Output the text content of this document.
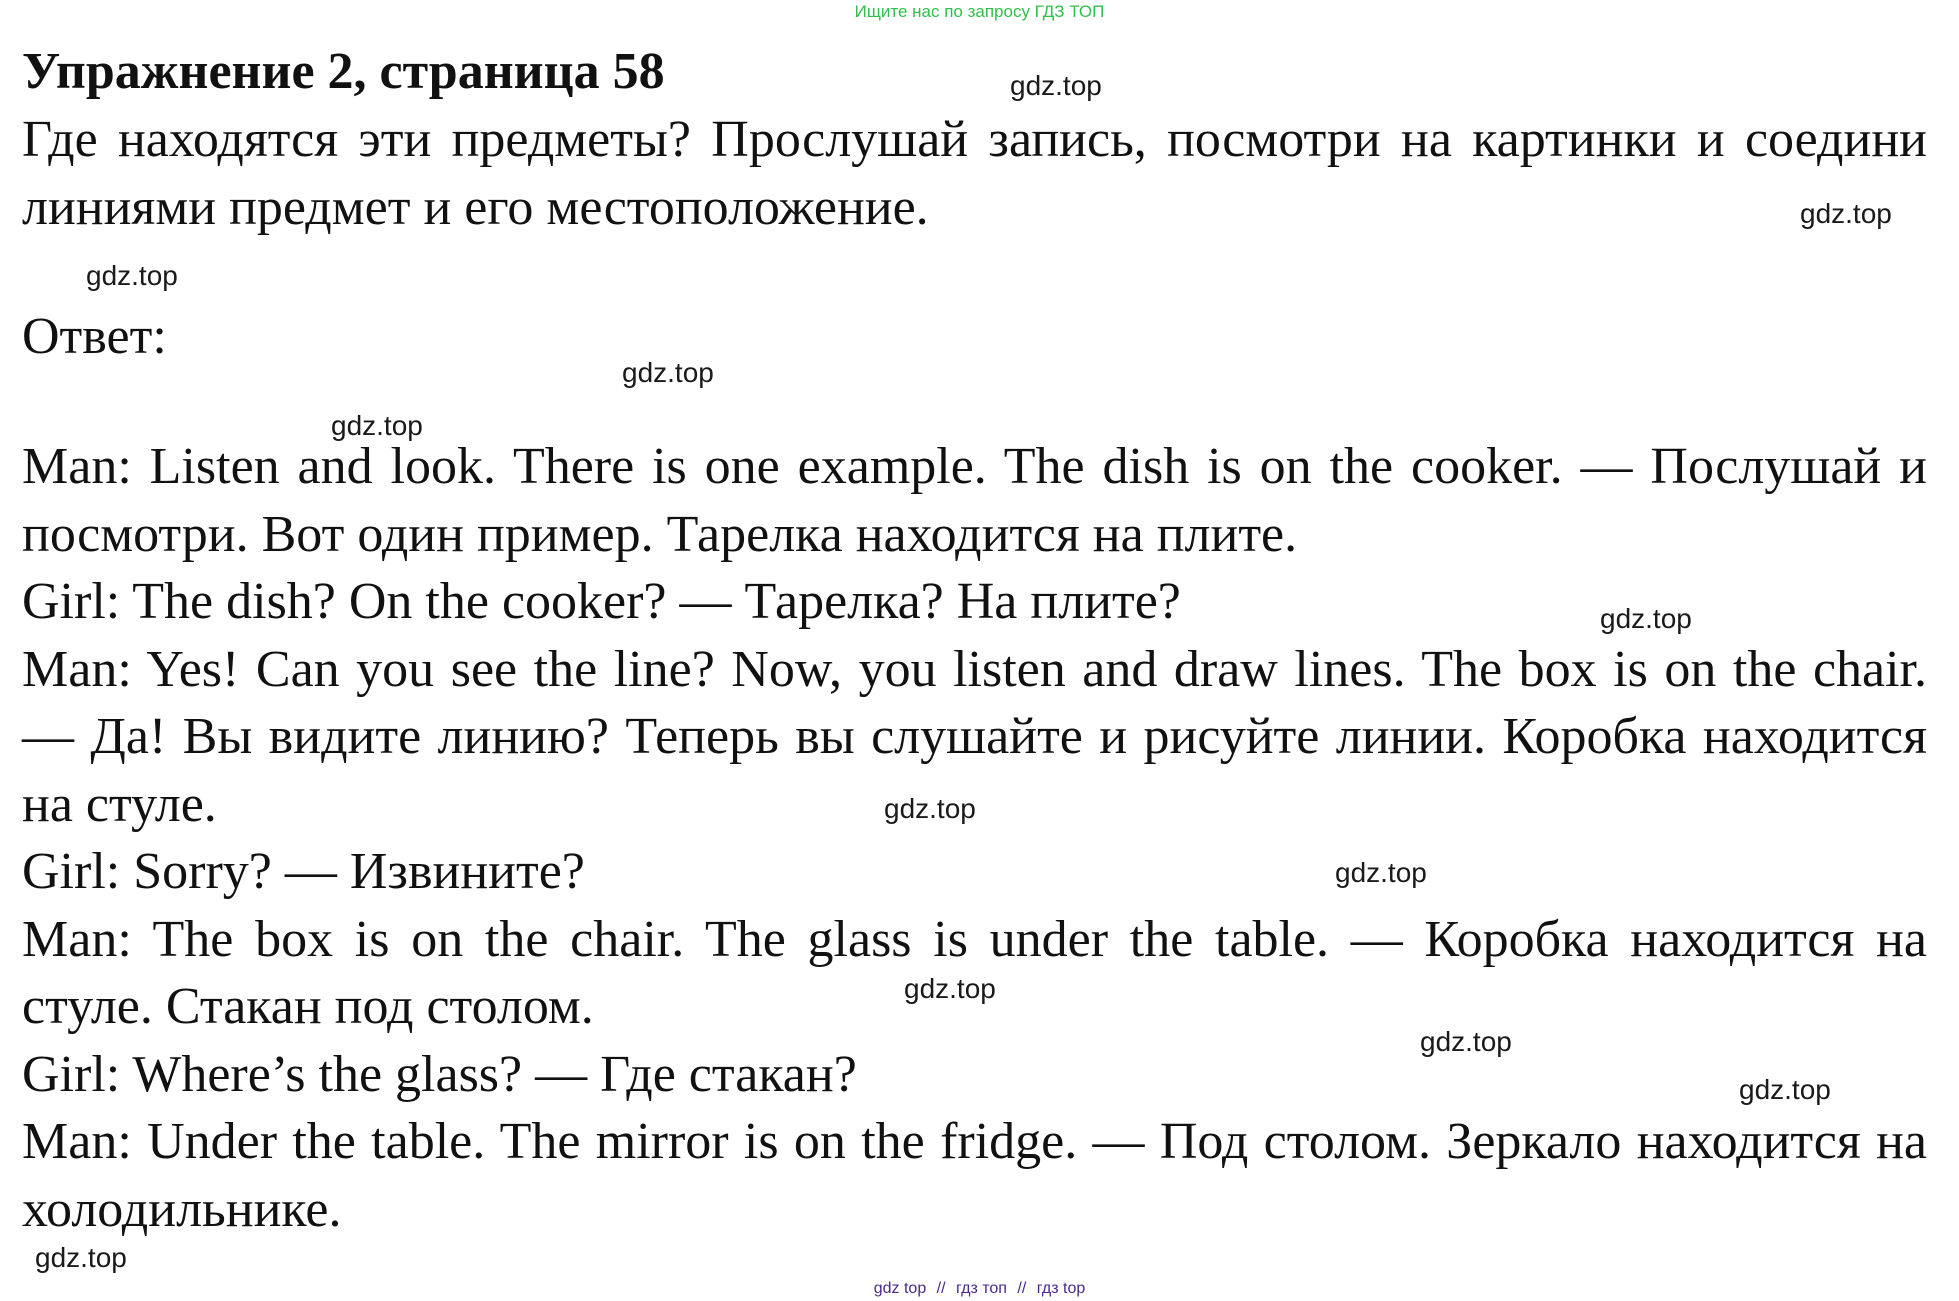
Ищите нас по запросу ГДЗ ТОП
Упражнение 2, страница 58

Где находятся эти предметы? Прослушай запись, посмотри на картинки и соедини линиями предмет и его местоположение.

Ответ:

Man: Listen and look. There is one example. The dish is on the cooker. — Послушай и посмотри. Вот один пример. Тарелка находится на плите.

Girl: The dish? On the cooker? — Тарелка? На плите?

Man: Yes! Can you see the line? Now, you listen and draw lines. The box is on the chair. — Да! Вы видите линию? Теперь вы слушайте и рисуйте линии. Коробка находится на стуле.

Girl: Sorry? — Извините?

Man: The box is on the chair. The glass is under the table. — Коробка находится на стуле. Стакан под столом.

Girl: Where’s the glass? — Где стакан?

Man: Under the table. The mirror is on the fridge. — Под столом. Зеркало находится на холодильнике.

gdz.top
gdz.top
gdz.top
gdz.top
gdz.top
gdz.top
gdz.top
gdz.top
gdz.top
gdz.top
gdz.top
gdz.top
gdz top // гдз топ // гдз top
